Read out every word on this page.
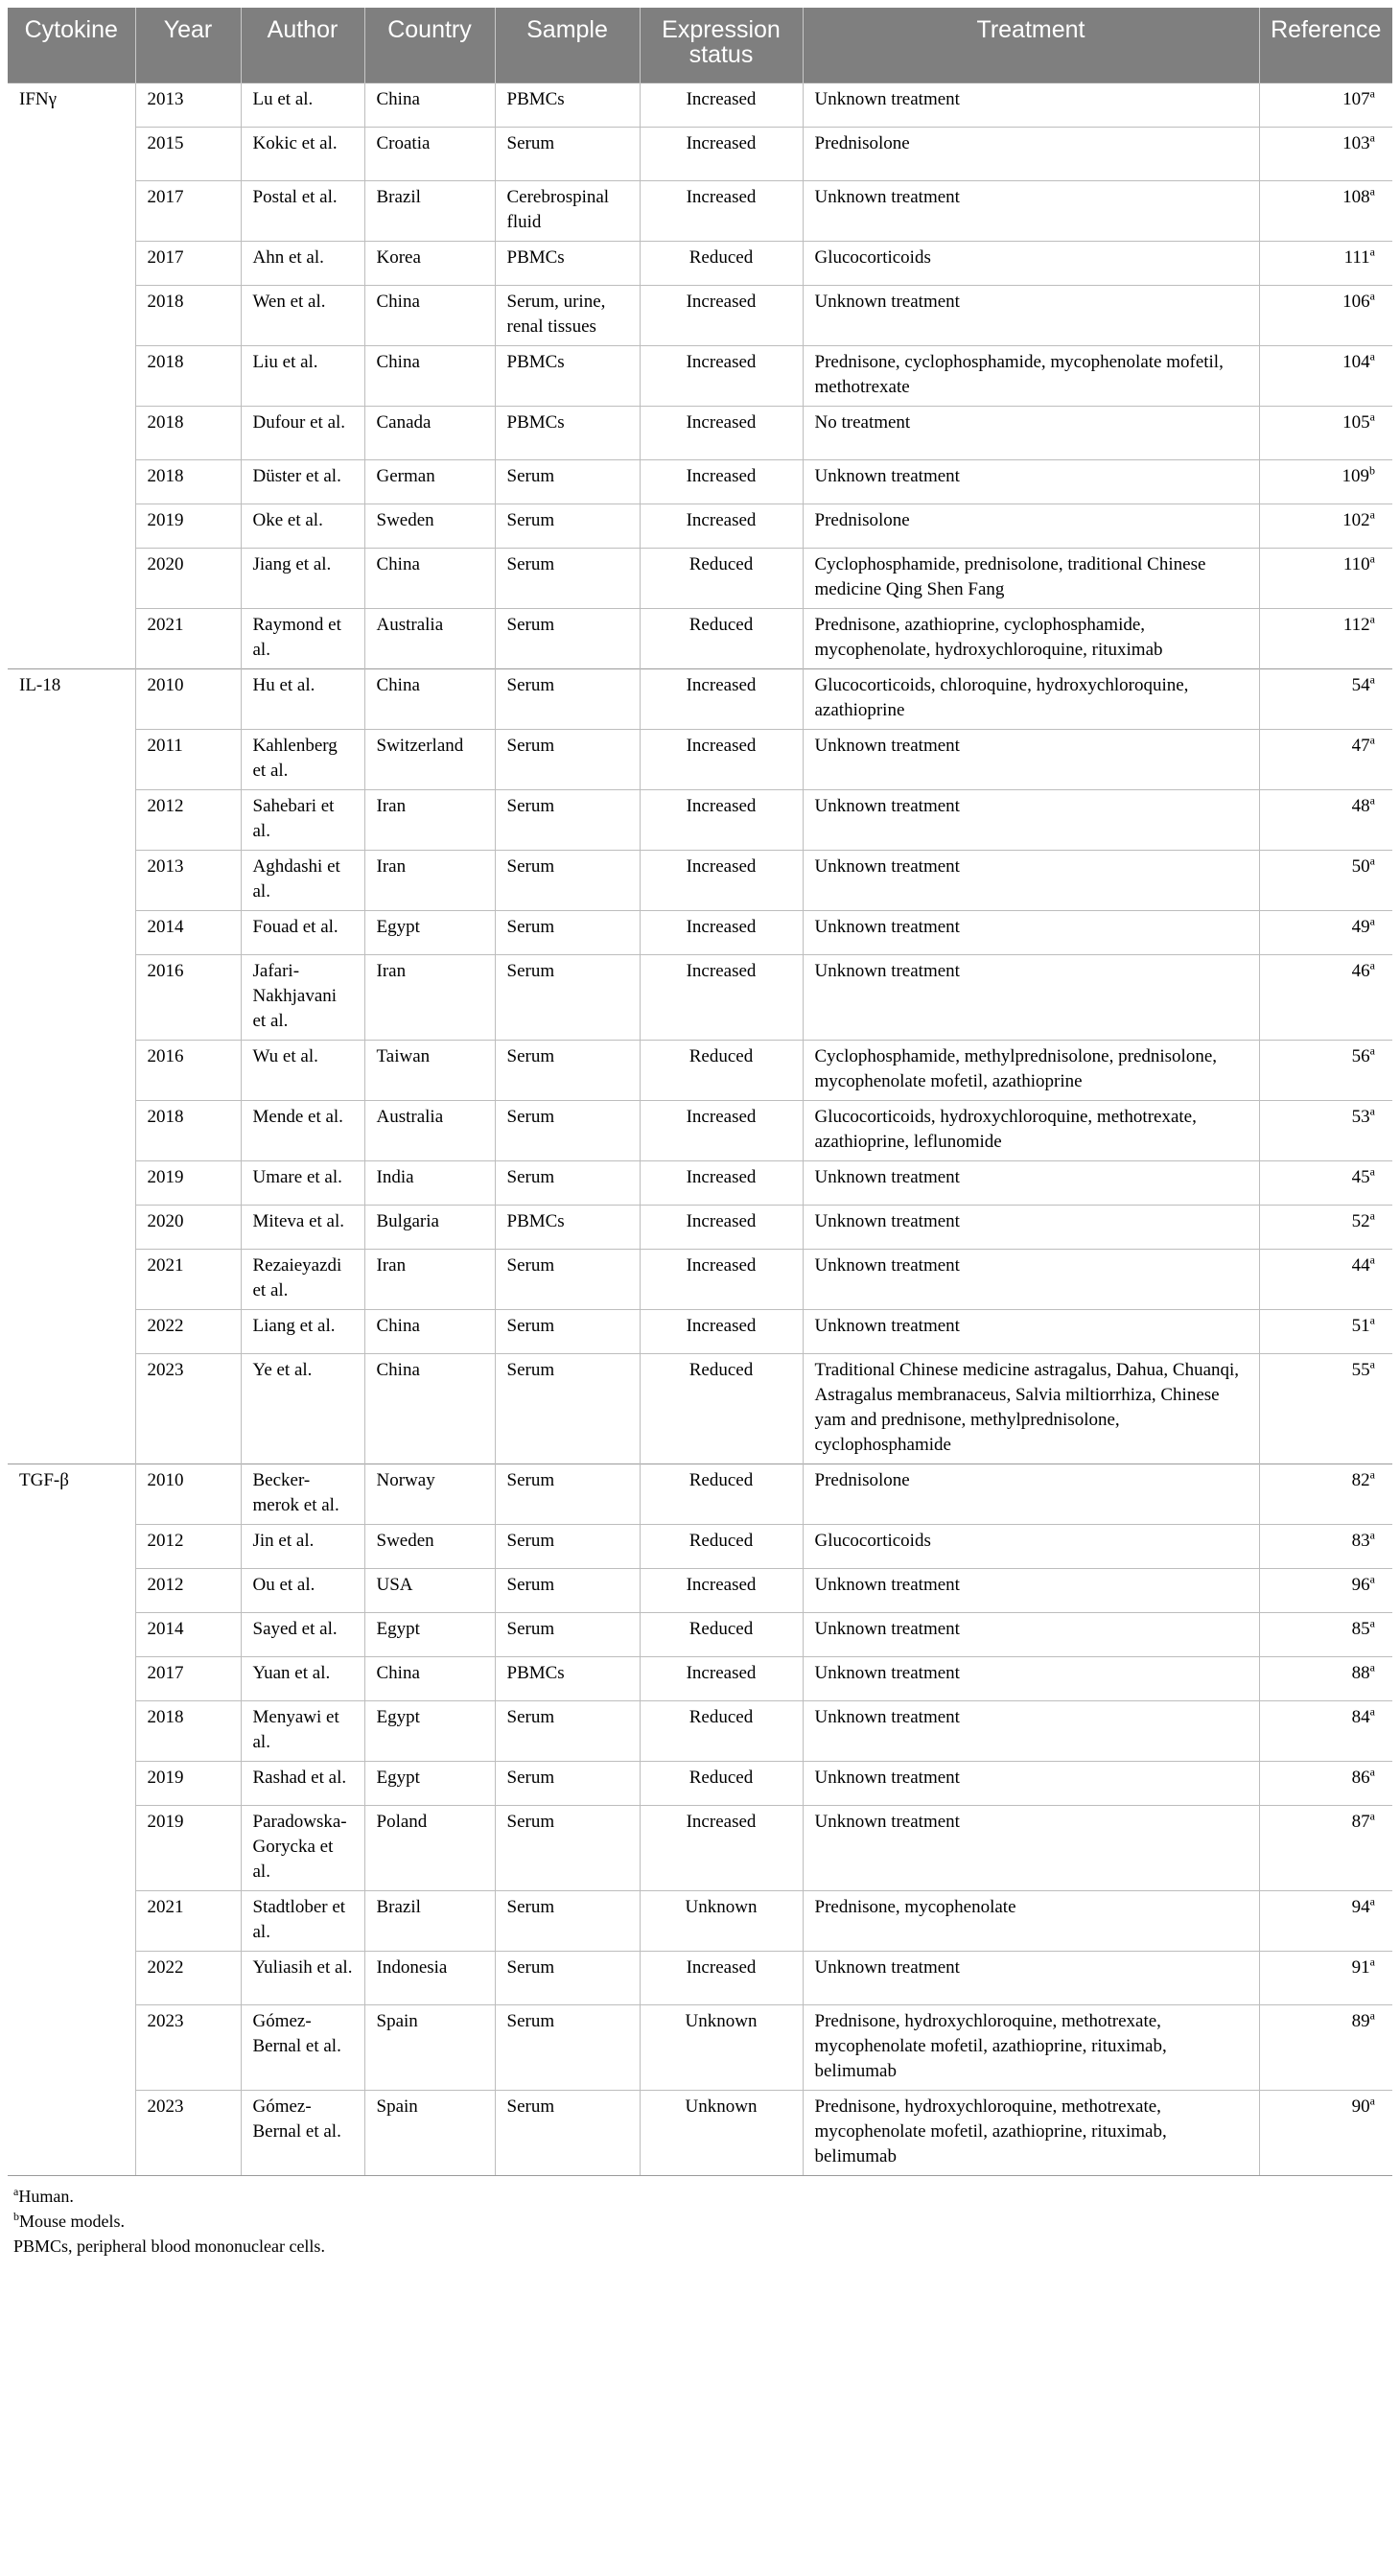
Cytokine	Year	Author	Country	Sample	Expression status	Treatment	Reference
IFNγ	2013	Lu et al.	China	PBMCs	Increased	Unknown treatment	107$^a$
	2015	Kokic et al.	Croatia	Serum	Increased	Prednisolone	103$^a$
	2017	Postal et al.	Brazil	Cerebrospinal fluid	Increased	Unknown treatment	108$^a$
	2017	Ahn et al.	Korea	PBMCs	Reduced	Glucocorticoids	111$^a$
	2018	Wen et al.	China	Serum, urine, renal tissues	Increased	Unknown treatment	106$^a$
	2018	Liu et al.	China	PBMCs	Increased	Prednisone, cyclophosphamide, mycophenolate mofetil, methotrexate	104$^a$
	2018	Dufour et al.	Canada	PBMCs	Increased	No treatment	105$^a$
	2018	Düster et al.	German	Serum	Increased	Unknown treatment	109$^b$
	2019	Oke et al.	Sweden	Serum	Increased	Prednisolone	102$^a$
	2020	Jiang et al.	China	Serum	Reduced	Cyclophosphamide, prednisolone, traditional Chinese medicine Qing Shen Fang	110$^a$
	2021	Raymond et al.	Australia	Serum	Reduced	Prednisone, azathioprine, cyclophosphamide, mycophenolate, hydroxychloroquine, rituximab	112$^a$
IL-18	2010	Hu et al.	China	Serum	Increased	Glucocorticoids, chloroquine, hydroxychloroquine, azathioprine	54$^a$
	2011	Kahlenberg et al.	Switzerland	Serum	Increased	Unknown treatment	47$^a$
	2012	Sahebari et al.	Iran	Serum	Increased	Unknown treatment	48$^a$
	2013	Aghdashi et al.	Iran	Serum	Increased	Unknown treatment	50$^a$
	2014	Fouad et al.	Egypt	Serum	Increased	Unknown treatment	49$^a$
	2016	Jafari-Nakhjavani et al.	Iran	Serum	Increased	Unknown treatment	46$^a$
	2016	Wu et al.	Taiwan	Serum	Reduced	Cyclophosphamide, methylprednisolone, prednisolone, mycophenolate mofetil, azathioprine	56$^a$
	2018	Mende et al.	Australia	Serum	Increased	Glucocorticoids, hydroxychloroquine, methotrexate, azathioprine, leflunomide	53$^a$
	2019	Umare et al.	India	Serum	Increased	Unknown treatment	45$^a$
	2020	Miteva et al.	Bulgaria	PBMCs	Increased	Unknown treatment	52$^a$
	2021	Rezaieyazdi et al.	Iran	Serum	Increased	Unknown treatment	44$^a$
	2022	Liang et al.	China	Serum	Increased	Unknown treatment	51$^a$
	2023	Ye et al.	China	Serum	Reduced	Traditional Chinese medicine astragalus, Dahua, Chuanqi, Astragalus membranaceus, Salvia miltiorrhiza, Chinese yam and prednisone, methylprednisolone, cyclophosphamide	55$^a$
TGF-β	2010	Becker-merok et al.	Norway	Serum	Reduced	Prednisolone	82$^a$
	2012	Jin et al.	Sweden	Serum	Reduced	Glucocorticoids	83$^a$
	2012	Ou et al.	USA	Serum	Increased	Unknown treatment	96$^a$
	2014	Sayed et al.	Egypt	Serum	Reduced	Unknown treatment	85$^a$
	2017	Yuan et al.	China	PBMCs	Increased	Unknown treatment	88$^a$
	2018	Menyawi et al.	Egypt	Serum	Reduced	Unknown treatment	84$^a$
	2019	Rashad et al.	Egypt	Serum	Reduced	Unknown treatment	86$^a$
	2019	Paradowska-Gorycka et al.	Poland	Serum	Increased	Unknown treatment	87$^a$
	2021	Stadtlober et al.	Brazil	Serum	Unknown	Prednisone, mycophenolate	94$^a$
	2022	Yuliasih et al.	Indonesia	Serum	Increased	Unknown treatment	91$^a$
	2023	Gómez-Bernal et al.	Spain	Serum	Unknown	Prednisone, hydroxychloroquine, methotrexate, mycophenolate mofetil, azathioprine, rituximab, belimumab	89$^a$
	2023	Gómez-Bernal et al.	Spain	Serum	Unknown	Prednisone, hydroxychloroquine, methotrexate, mycophenolate mofetil, azathioprine, rituximab, belimumab	90$^a$
$^a$Human.
$^b$Mouse models.
PBMCs, peripheral blood mononuclear cells.
